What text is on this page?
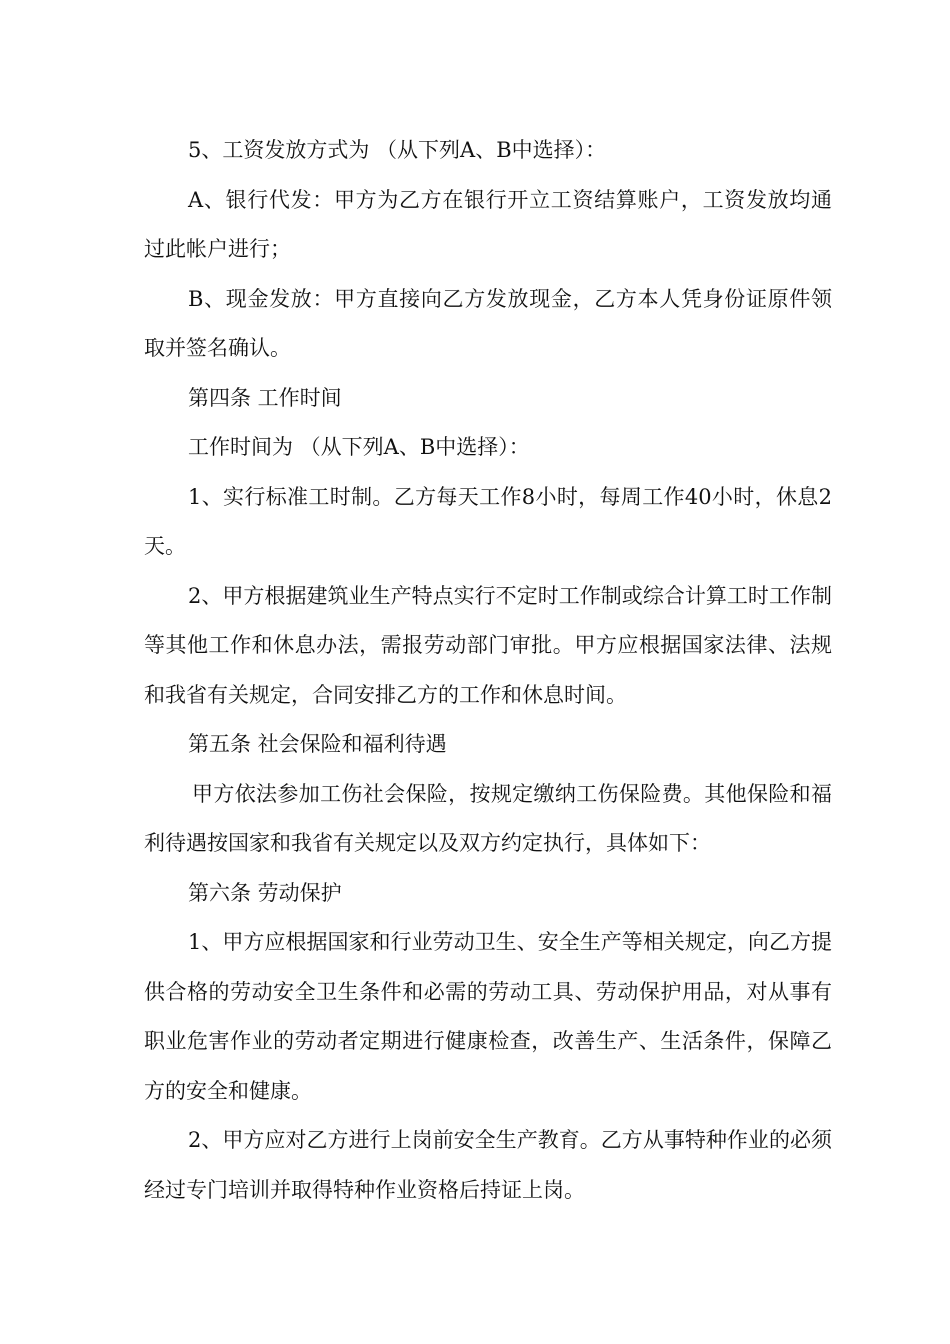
5、工资发放方式为 （从下列A、B中选择）：

A、银行代发：甲方为乙方在银行开立工资结算账户，工资发放均通过此帐户进行；

B、现金发放：甲方直接向乙方发放现金，乙方本人凭身份证原件领取并签名确认。

第四条 工作时间

工作时间为 （从下列A、B中选择）：

1、实行标准工时制。乙方每天工作8小时，每周工作40小时，休息2天。

2、甲方根据建筑业生产特点实行不定时工作制或综合计算工时工作制等其他工作和休息办法，需报劳动部门审批。甲方应根据国家法律、法规和我省有关规定，合同安排乙方的工作和休息时间。

第五条 社会保险和福利待遇

甲方依法参加工伤社会保险，按规定缴纳工伤保险费。其他保险和福利待遇按国家和我省有关规定以及双方约定执行，具体如下：

第六条 劳动保护

1、甲方应根据国家和行业劳动卫生、安全生产等相关规定，向乙方提供合格的劳动安全卫生条件和必需的劳动工具、劳动保护用品，对从事有职业危害作业的劳动者定期进行健康检查，改善生产、生活条件，保障乙方的安全和健康。

2、甲方应对乙方进行上岗前安全生产教育。乙方从事特种作业的必须经过专门培训并取得特种作业资格后持证上岗。
